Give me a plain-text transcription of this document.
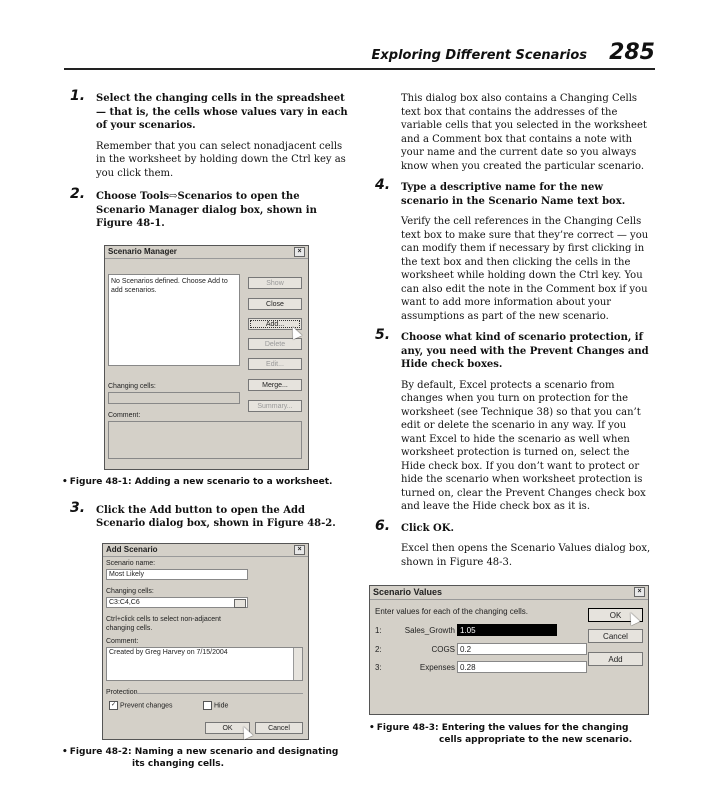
Exploring Different Scenarios 285
1. Select the changing cells in the spreadsheet — that is, the cells whose values vary in each of your scenarios.
Remember that you can select nonadjacent cells in the worksheet by holding down the Ctrl key as you click them.
2. Choose Tools⇨Scenarios to open the Scenario Manager dialog box, shown in Figure 48-1.
Scenario Manager	×
No Scenarios defined. Choose Add to add scenarios.
Show
Close
Add...
Delete
Edit...
Merge...
Summary...
Changing cells:
Comment:
• Figure 48-1: Adding a new scenario to a worksheet.
3. Click the Add button to open the Add Scenario dialog box, shown in Figure 48-2.
Add Scenario	×
Scenario name:
Most Likely
Changing cells:
C3:C4,C6
Ctrl+click cells to select non-adjacent changing cells.
Comment:
Created by Greg Harvey on 7/15/2004
Protection
✓ Prevent changes	Hide
OK	Cancel
• Figure 48-2: Naming a new scenario and designating its changing cells.
This dialog box also contains a Changing Cells text box that contains the addresses of the variable cells that you selected in the worksheet and a Comment box that contains a note with your name and the current date so you always know when you created the particular scenario.
4. Type a descriptive name for the new scenario in the Scenario Name text box.
Verify the cell references in the Changing Cells text box to make sure that they’re correct — you can modify them if necessary by first clicking in the text box and then clicking the cells in the worksheet while holding down the Ctrl key. You can also edit the note in the Comment box if you want to add more information about your assumptions as part of the new scenario.
5. Choose what kind of scenario protection, if any, you need with the Prevent Changes and Hide check boxes.
By default, Excel protects a scenario from changes when you turn on protection for the worksheet (see Technique 38) so that you can’t edit or delete the scenario in any way. If you want Excel to hide the scenario as well when worksheet protection is turned on, select the Hide check box. If you don’t want to protect or hide the scenario when worksheet protection is turned on, clear the Prevent Changes check box and leave the Hide check box as it is.
6. Click OK.
Excel then opens the Scenario Values dialog box, shown in Figure 48-3.
Scenario Values	×
Enter values for each of the changing cells.
1:	Sales_Growth 1.05
2:	COGS 0.2
3:	Expenses 0.28
OK
Cancel
Add
• Figure 48-3: Entering the values for the changing cells appropriate to the new scenario.
